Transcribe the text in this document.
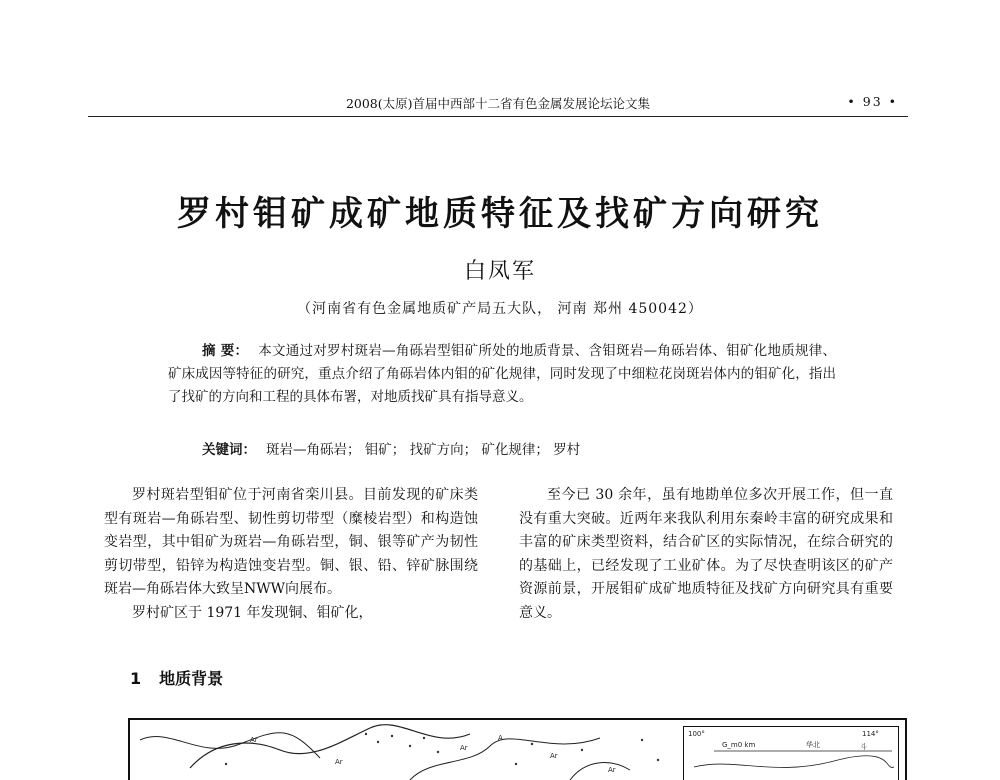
2008(太原)首届中西部十二省有色金属发展论坛论文集	• 93 •
罗村钼矿成矿地质特征及找矿方向研究
白凤军
（河南省有色金属地质矿产局五大队， 河南 郑州 450042）
摘 要： 本文通过对罗村斑岩—角砾岩型钼矿所处的地质背景、含钼斑岩—角砾岩体、钼矿化地质规律、矿床成因等特征的研究，重点介绍了角砾岩体内钼的矿化规律，同时发现了中细粒花岗斑岩体内的钼矿化，指出了找矿的方向和工程的具体布署，对地质找矿具有指导意义。
关键词： 斑岩—角砾岩； 钼矿； 找矿方向； 矿化规律； 罗村

罗村斑岩型钼矿位于河南省栾川县。目前发现的矿床类型有斑岩—角砾岩型、韧性剪切带型（糜棱岩型）和构造蚀变岩型，其中钼矿为斑岩—角砾岩型，铜、银等矿产为韧性剪切带型，铅锌为构造蚀变岩型。铜、银、铅、锌矿脉围绕斑岩—角砾岩体大致呈NWW向展布。

罗村矿区于 1971 年发现铜、钼矿化，

至今已 30 余年，虽有地勘单位多次开展工作，但一直没有重大突破。近两年来我队利用东秦岭丰富的研究成果和丰富的矿床类型资料，结合矿区的实际情况，在综合研究的的基础上，已经发现了工业矿体。为了尽快查明该区的矿产资源前景，开展钼矿成矿地质特征及找矿方向研究具有重要意义。

1 地质背景
Ar
Ar
Ar
A
Ar
Ar
100°	114°
G_m0 km	华北	斗
